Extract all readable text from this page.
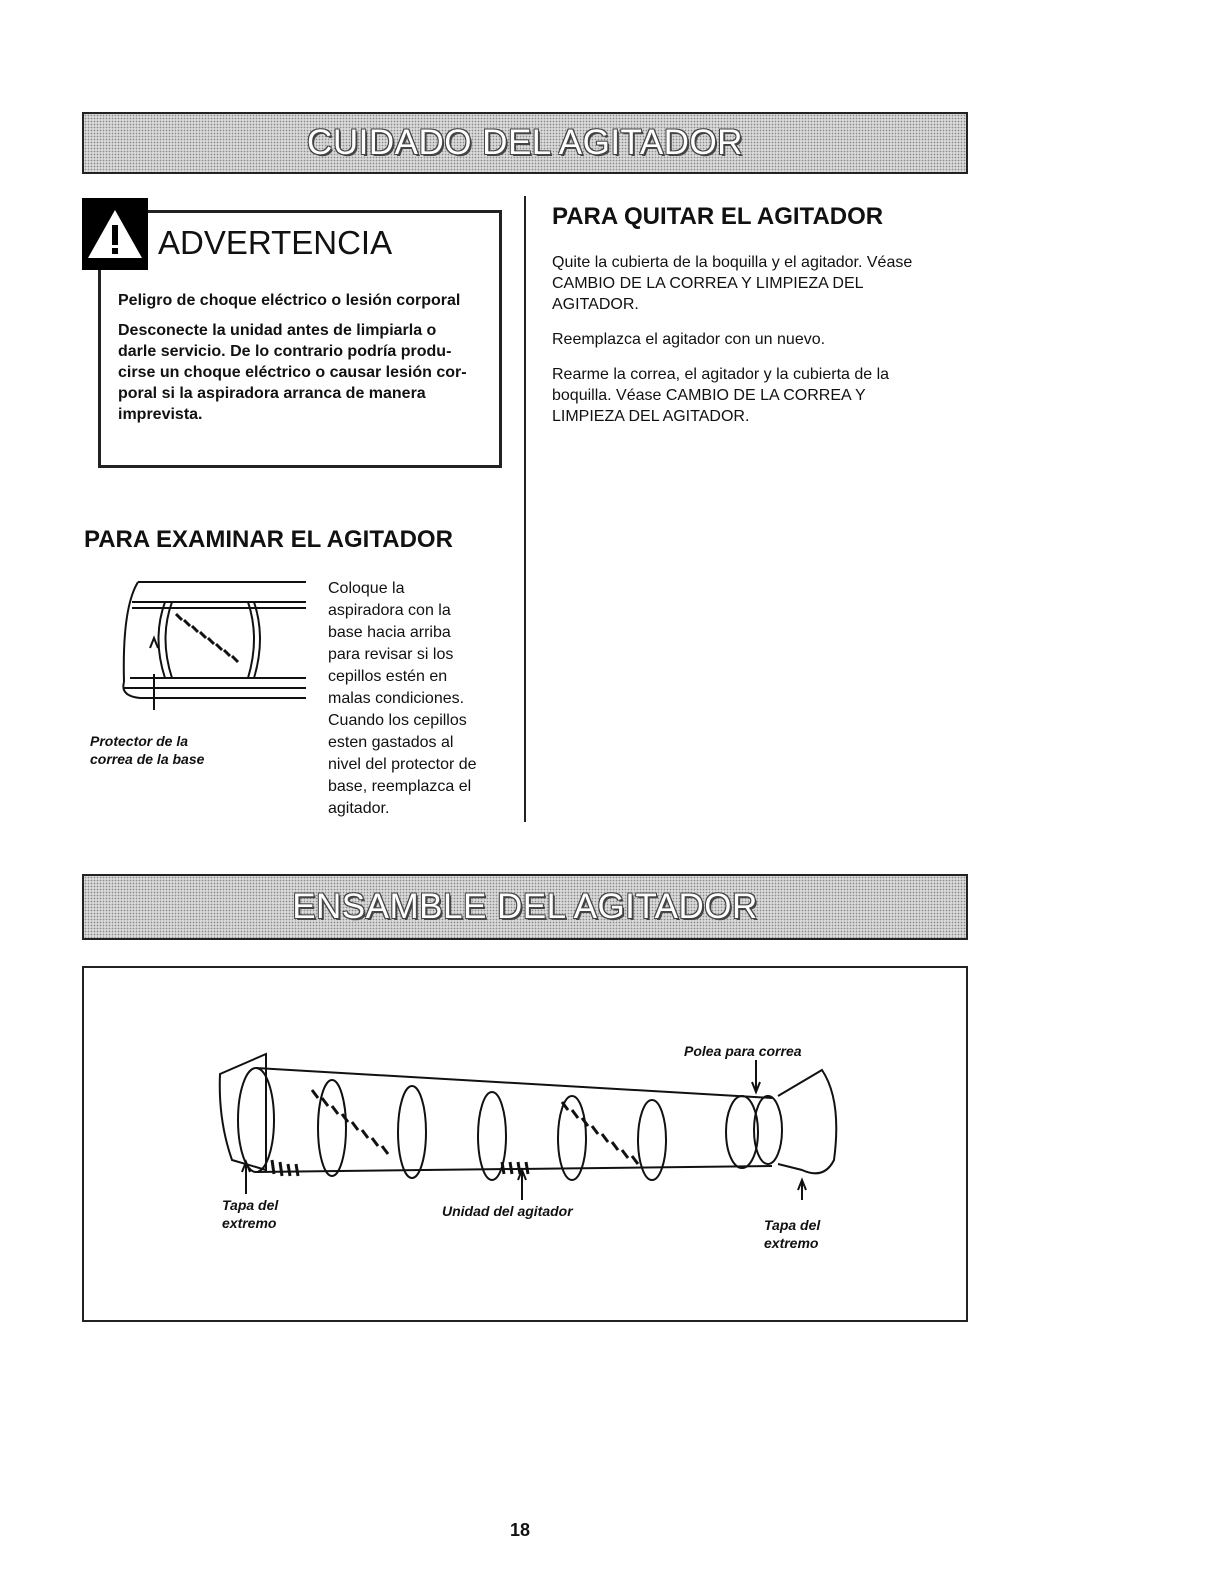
CUIDADO DEL AGITADOR
ADVERTENCIA
Peligro de choque eléctrico o lesión corporal
Desconecte la unidad antes de limpiarla o
darle servicio. De lo contrario podría produ-
cirse un choque eléctrico o causar lesión cor-
poral si la aspiradora arranca de manera
imprevista.
PARA QUITAR EL AGITADOR
Quite la cubierta de la boquilla y el agitador. Véase
CAMBIO DE LA CORREA Y LIMPIEZA DEL
AGITADOR.
Reemplazca el agitador con un nuevo.
Rearme la correa, el agitador y la cubierta de la
boquilla. Véase CAMBIO DE LA CORREA Y
LIMPIEZA DEL AGITADOR.
PARA EXAMINAR EL AGITADOR
Coloque la
aspiradora con la
base hacia arriba
para revisar si los
cepillos estén en
malas condiciones.
Cuando los cepillos
esten gastados al
nivel del protector de
base, reemplazca el
agitador.
Protector de la
correa de la base
ENSAMBLE DEL AGITADOR
Polea para correa
Tapa del
extremo
Unidad del agitador
Tapa del
extremo
18
